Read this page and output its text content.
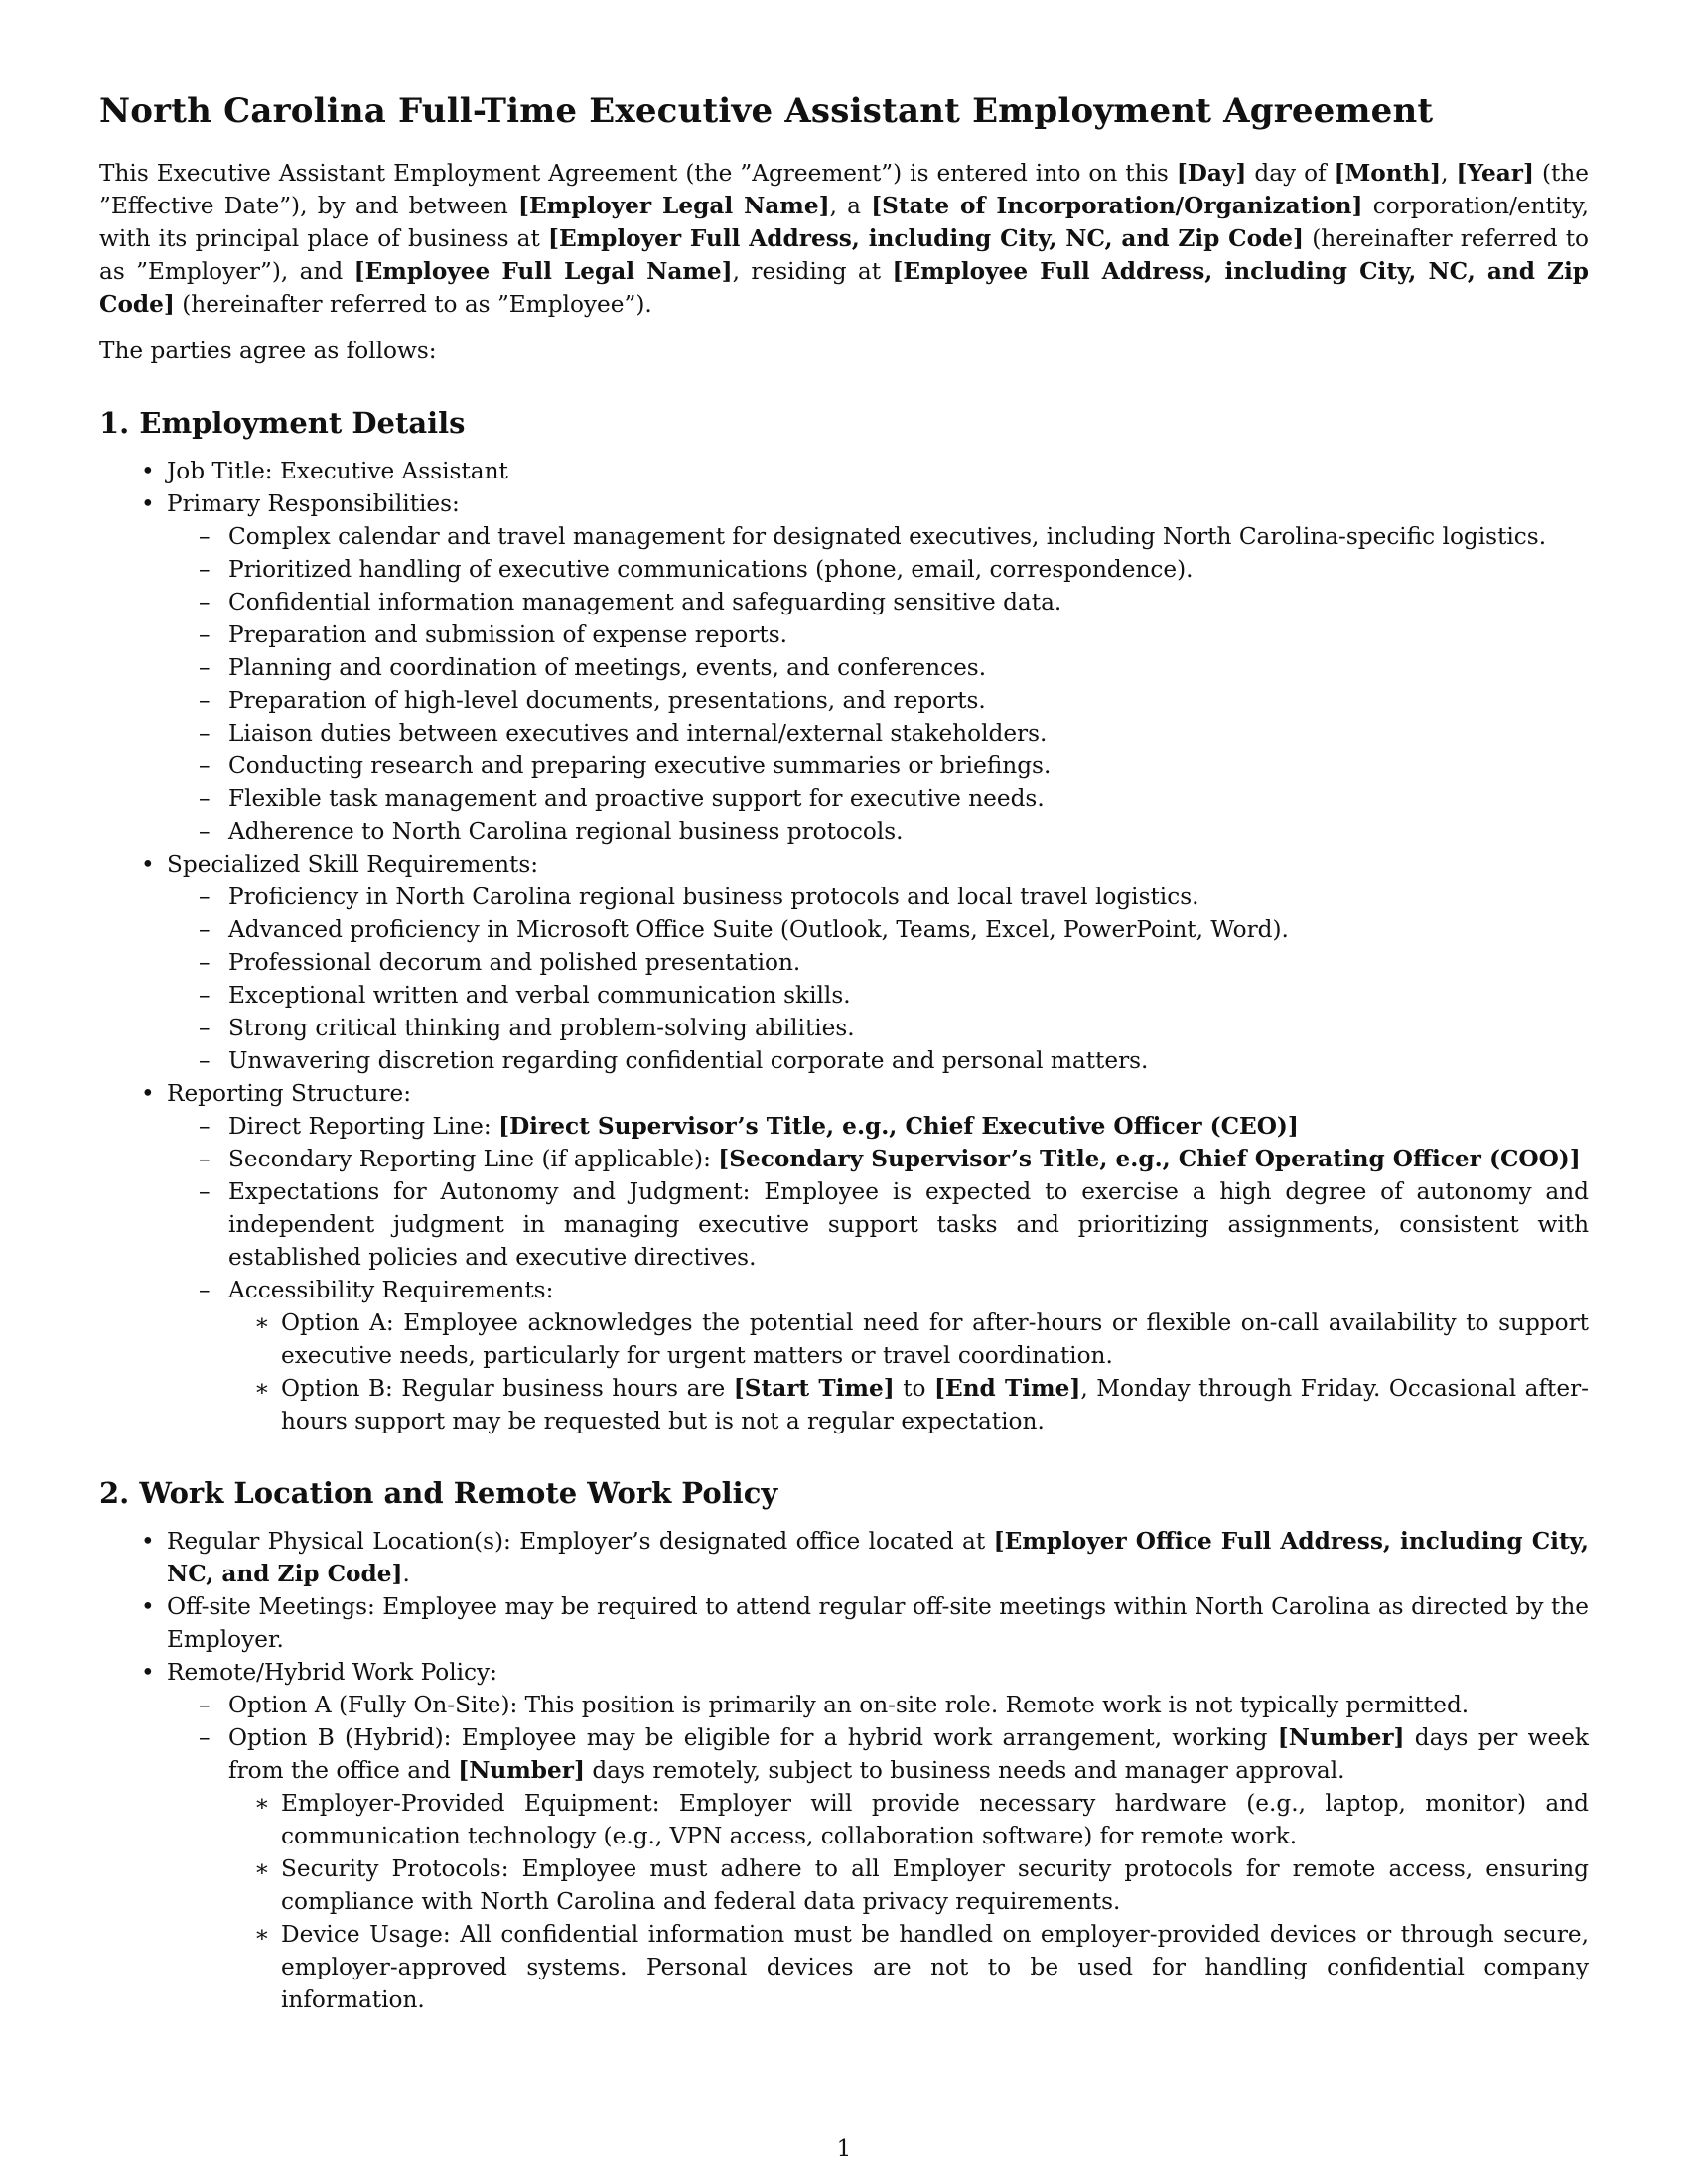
North Carolina Full-Time Executive Assistant Employment Agreement

This Executive Assistant Employment Agreement (the ”Agreement”) is entered into on this [Day] day of [Month], [Year] (the ”Effective Date”), by and between [Employer Legal Name], a [State of Incorporation/Organization] corporation/entity, with its principal place of business at [Employer Full Address, including City, NC, and Zip Code] (hereinafter referred to as ”Employer”), and [Employee Full Legal Name], residing at [Employee Full Address, including City, NC, and Zip Code] (hereinafter referred to as ”Employee”).

The parties agree as follows:

1. Employment Details
• Job Title: Executive Assistant
• Primary Responsibilities:
– Complex calendar and travel management for designated executives, including North Carolina-specific logistics.
– Prioritized handling of executive communications (phone, email, correspondence).
– Confidential information management and safeguarding sensitive data.
– Preparation and submission of expense reports.
– Planning and coordination of meetings, events, and conferences.
– Preparation of high-level documents, presentations, and reports.
– Liaison duties between executives and internal/external stakeholders.
– Conducting research and preparing executive summaries or briefings.
– Flexible task management and proactive support for executive needs.
– Adherence to North Carolina regional business protocols.
• Specialized Skill Requirements:
– Proficiency in North Carolina regional business protocols and local travel logistics.
– Advanced proficiency in Microsoft Office Suite (Outlook, Teams, Excel, PowerPoint, Word).
– Professional decorum and polished presentation.
– Exceptional written and verbal communication skills.
– Strong critical thinking and problem-solving abilities.
– Unwavering discretion regarding confidential corporate and personal matters.
• Reporting Structure:
– Direct Reporting Line: [Direct Supervisor’s Title, e.g., Chief Executive Officer (CEO)]
– Secondary Reporting Line (if applicable): [Secondary Supervisor’s Title, e.g., Chief Operating Officer (COO)]
– Expectations for Autonomy and Judgment: Employee is expected to exercise a high degree of autonomy and independent judgment in managing executive support tasks and prioritizing assignments, consistent with established policies and executive directives.
– Accessibility Requirements:
∗ Option A: Employee acknowledges the potential need for after-hours or flexible on-call availability to support executive needs, particularly for urgent matters or travel coordination.
∗ Option B: Regular business hours are [Start Time] to [End Time], Monday through Friday. Occasional after-hours support may be requested but is not a regular expectation.
2. Work Location and Remote Work Policy
• Regular Physical Location(s): Employer’s designated office located at [Employer Office Full Address, including City, NC, and Zip Code].
• Off-site Meetings: Employee may be required to attend regular off-site meetings within North Carolina as directed by the Employer.
• Remote/Hybrid Work Policy:
– Option A (Fully On-Site): This position is primarily an on-site role. Remote work is not typically permitted.
– Option B (Hybrid): Employee may be eligible for a hybrid work arrangement, working [Number] days per week from the office and [Number] days remotely, subject to business needs and manager approval.
∗ Employer-Provided Equipment: Employer will provide necessary hardware (e.g., laptop, monitor) and communication technology (e.g., VPN access, collaboration software) for remote work.
∗ Security Protocols: Employee must adhere to all Employer security protocols for remote access, ensuring compliance with North Carolina and federal data privacy requirements.
∗ Device Usage: All confidential information must be handled on employer-provided devices or through secure, employer-approved systems. Personal devices are not to be used for handling confidential company information.
1
